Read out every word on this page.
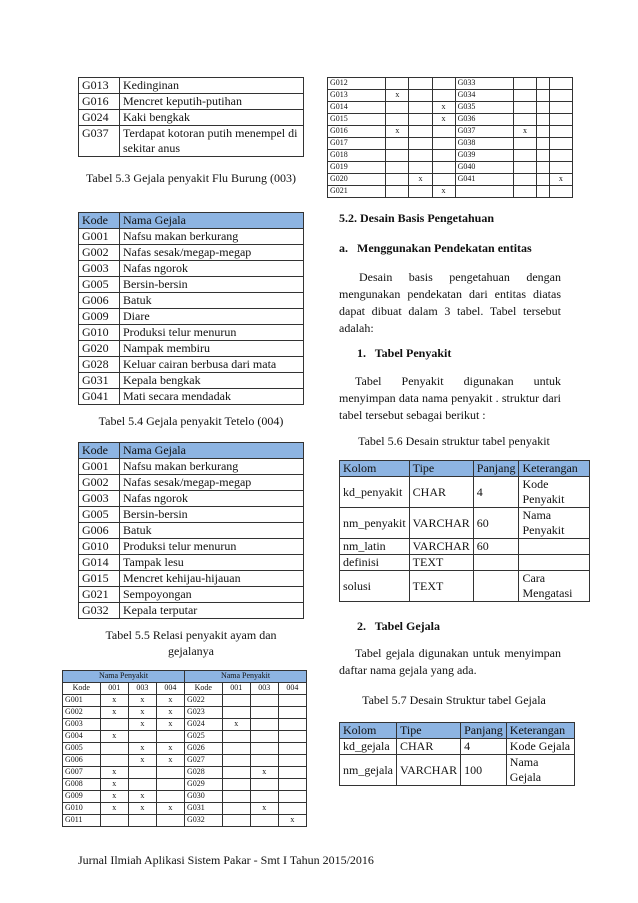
G013	Kedinginan
G016	Mencret keputih-putihan
G024	Kaki bengkak
G037	Terdapat kotoran putih menempel di sekitar anus
Tabel 5.3 Gejala penyakit Flu Burung (003)
Kode	Nama Gejala
G001	Nafsu makan berkurang
G002	Nafas sesak/megap-megap
G003	Nafas ngorok
G005	Bersin-bersin
G006	Batuk
G009	Diare
G010	Produksi telur menurun
G020	Nampak membiru
G028	Keluar cairan berbusa dari mata
G031	Kepala bengkak
G041	Mati secara mendadak
Tabel 5.4 Gejala penyakit Tetelo (004)
Kode	Nama Gejala
G001	Nafsu makan berkurang
G002	Nafas sesak/megap-megap
G003	Nafas ngorok
G005	Bersin-bersin
G006	Batuk
G010	Produksi telur menurun
G014	Tampak lesu
G015	Mencret kehijau-hijauan
G021	Sempoyongan
G032	Kepala terputar
Tabel 5.5 Relasi penyakit ayam dan gejalanya
Nama Penyakit				Nama Penyakit			
Kode	001	003	004	Kode	001	003	004
G001	x	x	x	G022			
G002	x	x	x	G023			
G003		x	x	G024	x		
G004	x			G025			
G005		x	x	G026			
G006		x	x	G027			
G007	x			G028		x	
G008	x			G029			
G009	x	x		G030			
G010	x	x	x	G031		x	
G011				G032			x
G012				G033			
G013	x			G034			
G014			x	G035			
G015			x	G036			
G016	x			G037	x		
G017				G038			
G018				G039			
G019				G040			
G020		x		G041			x
G021			x				
5.2. Desain Basis Pengetahuan
a.   Menggunakan Pendekatan entitas
Desain basis pengetahuan dengan mengunakan pendekatan dari entitas diatas dapat dibuat dalam 3 tabel. Tabel tersebut adalah:
1.   Tabel Penyakit
Tabel Penyakit digunakan untuk menyimpan data nama penyakit . struktur dari tabel tersebut sebagai berikut :
Tabel 5.6 Desain struktur tabel penyakit
Kolom	Tipe	Panjang	Keterangan
kd_penyakit	CHAR	4	Kode Penyakit
nm_penyakit	VARCHAR	60	Nama Penyakit
nm_latin	VARCHAR	60	
definisi	TEXT		
solusi	TEXT		Cara Mengatasi
2.   Tabel Gejala
Tabel gejala digunakan untuk menyimpan daftar nama gejala yang ada.
Tabel 5.7 Desain Struktur tabel Gejala
Kolom	Tipe	Panjang	Keterangan
kd_gejala	CHAR	4	Kode Gejala
nm_gejala	VARCHAR	100	Nama Gejala
Jurnal Ilmiah Aplikasi Sistem Pakar - Smt I Tahun 2015/2016
